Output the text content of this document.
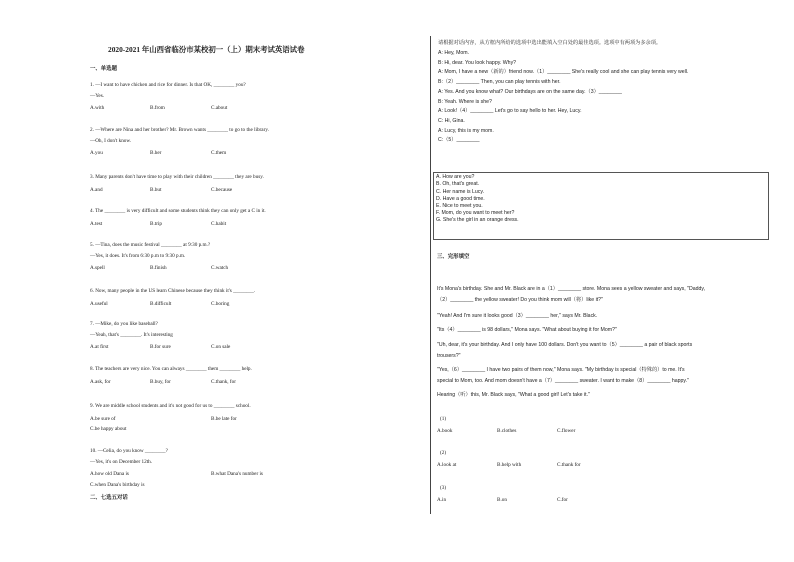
2020-2021 年山西省临汾市某校初一（上）期末考试英语试卷
一、单选题
1. —I want to have chicken and rice for dinner. Is that OK, ________ you?
—Yes.
A.with	B.from	C.about
2. —Where are Nina and her brother? Mr. Brown wants ________ to go to the library.
—Oh, I don't know.
A.you	B.her	C.them
3. Many parents don't have time to play with their children ________ they are busy.
A.and	B.but	C.because
4. The ________ is very difficult and some students think they can only get a C in it.
A.test	B.trip	C.habit
5. —Tina, does the music festival ________ at 9:30 p.m.?
—Yes, it does. It's from 6:30 p.m to 9:30 p.m.
A.spell	B.finish	C.watch
6. Now, many people in the US learn Chinese because they think it's ________.
A.useful	B.difficult	C.boring
7. —Mike, do you like baseball?
—Yeah, that's ________. It's interesting
A.at first	B.for sure	C.on sale
8. The teachers are very nice. You can always ________ them ________ help.
A.ask, for	B.buy, for	C.thank, for
9. We are middle school students and it's not good for us to ________ school.
A.be sure of	B.be late for
C.be happy about
10. —Celia, do you know ________?
—Yes, it's on December 12th.
A.how old Dana is	B.what Dana's number is
C.when Dana's birthday is
二、七选五对话
请根据对话内容，从方框内所给的选项中选出能填入空白处的最佳选项。选项中有两项为多余项。
A: Hey, Mom.
B: Hi, dear. You look happy. Why?
A: Mom, I have a new（新的）friend now.（1）________ She's really cool and she can play tennis very well.
B:（2）________ Then, you can play tennis with her.
A: Yes. And you know what? Our birthdays are on the same day.（3）________
B: Yeah. Where is she?
A: Look!（4）________ Let's go to say hello to her. Hey, Lucy.
C: Hi, Gina.
A: Lucy, this is my mom.
C:（5）________
A. How are you?
B. Oh, that's great.
C. Her name is Lucy.
D. Have a good time.
E. Nice to meet you.
F. Mom, do you want to meet her?
G. She's the girl in an orange dress.
三、完形填空
It's Mona's birthday. She and Mr. Black are in a（1）________ store. Mona sees a yellow sweater and says, "Daddy,
（2）________ the yellow sweater! Do you think mom will（将）like it?"
"Yeah! And I'm sure it looks good（3）________ her," says Mr. Black.
"Its（4）________ is 98 dollars," Mona says. "What about buying it for Mom?"
"Uh, dear, it's your birthday. And I only have 100 dollars. Don't you want to（5）________ a pair of black sports
trousers?"
"Yes,（6）________ I have two pairs of them now," Mona says. "My birthday is special（特殊的）to me. It's
special to Mom, too. And mom doesn't have a（7）________ sweater. I want to make（8）________ happy."
Hearing（听）this, Mr. Black says, "What a good girl! Let's take it."
(1)
A.book	B.clothes	C.flower
(2)
A.look at	B.help with	C.thank for
(3)
A.in	B.on	C.for
